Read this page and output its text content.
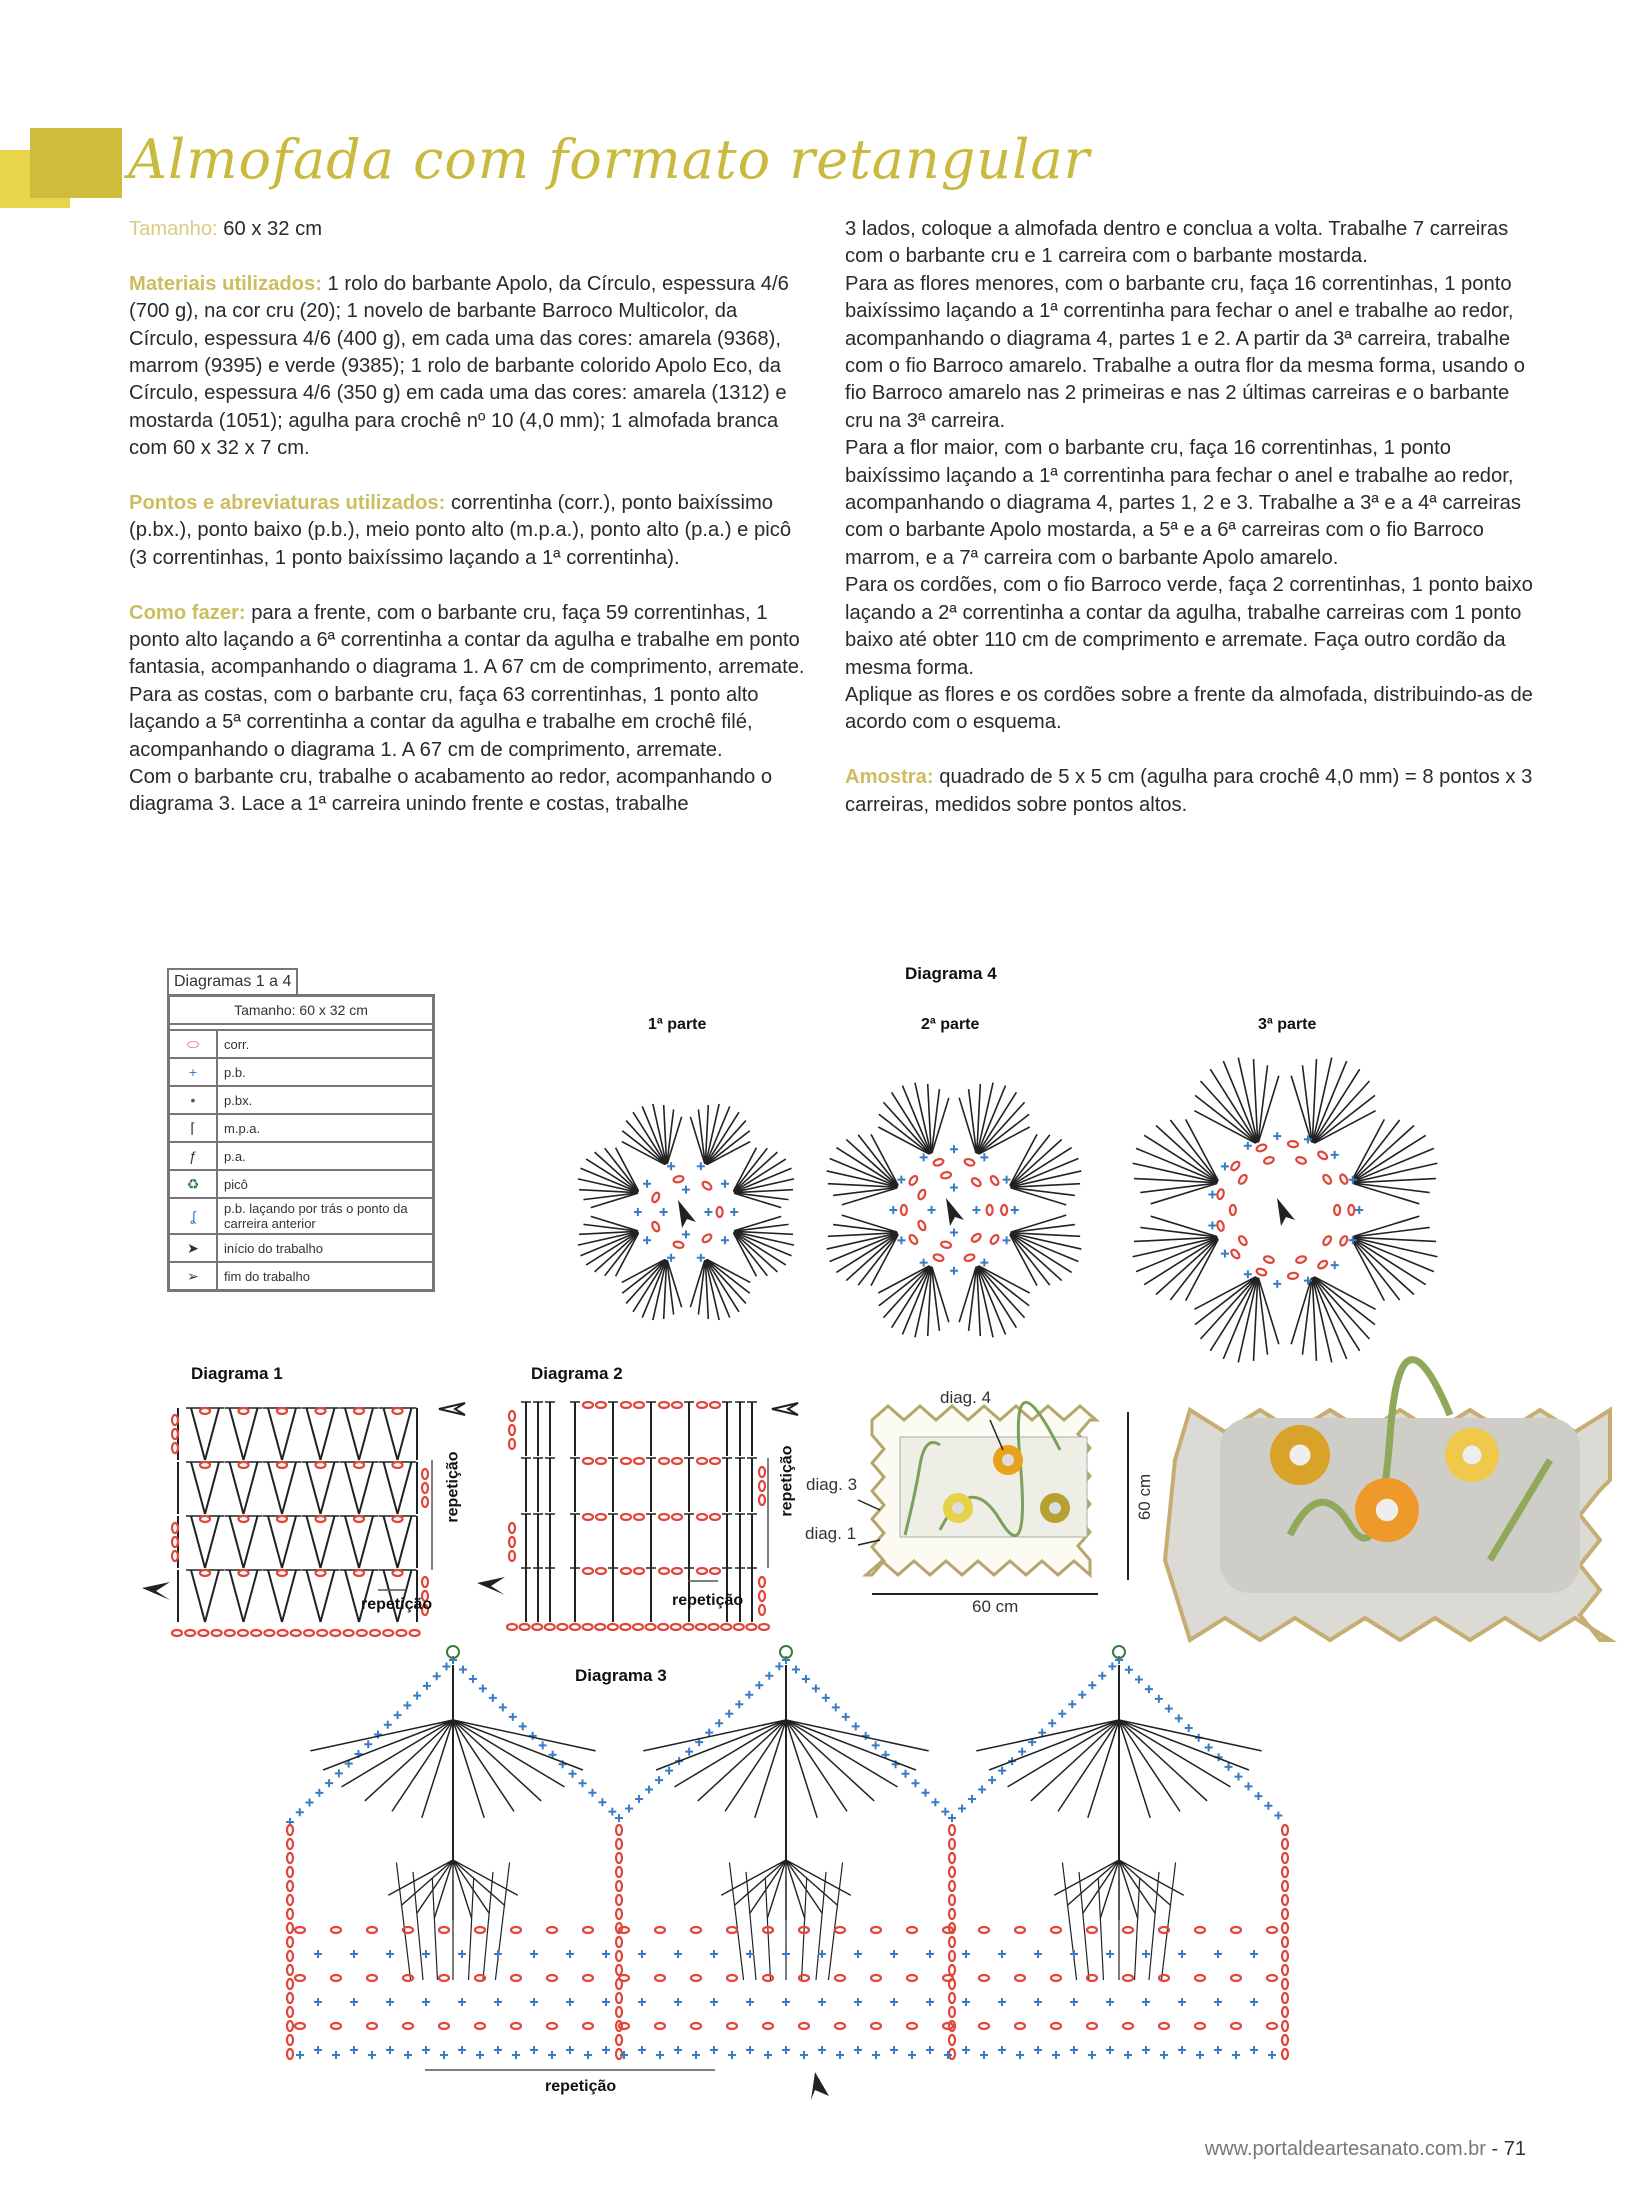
Almofada com formato retangular

Tamanho: 60 x 32 cm

Materiais utilizados: 1 rolo do barbante Apolo, da Círculo, espessura 4/6 (700 g), na cor cru (20); 1 novelo de barbante Barroco Multicolor, da Círculo, espessura 4/6 (400 g), em cada uma das cores: amarela (9368), marrom (9395) e verde (9385); 1 rolo de barbante colorido Apolo Eco, da Círculo, espessura 4/6 (350 g) em cada uma das cores: amarela (1312) e mostarda (1051); agulha para crochê nº 10 (4,0 mm); 1 almofada branca com 60 x 32 x 7 cm.

Pontos e abreviaturas utilizados: correntinha (corr.), ponto baixíssimo (p.bx.), ponto baixo (p.b.), meio ponto alto (m.p.a.), ponto alto (p.a.) e picô (3 correntinhas, 1 ponto baixíssimo laçando a 1ª correntinha).

Como fazer: para a frente, com o barbante cru, faça 59 correntinhas, 1 ponto alto laçando a 6ª correntinha a contar da agulha e trabalhe em ponto fantasia, acompanhando o diagrama 1. A 67 cm de comprimento, arremate.

Para as costas, com o barbante cru, faça 63 correntinhas, 1 ponto alto laçando a 5ª correntinha a contar da agulha e trabalhe em crochê filé, acompanhando o diagrama 1. A 67 cm de comprimento, arremate.

Com o barbante cru, trabalhe o acabamento ao redor, acompanhando o diagrama 3. Lace a 1ª carreira unindo frente e costas, trabalhe

3 lados, coloque a almofada dentro e conclua a volta. Trabalhe 7 carreiras com o barbante cru e 1 carreira com o barbante mostarda.

Para as flores menores, com o barbante cru, faça 16 correntinhas, 1 ponto baixíssimo laçando a 1ª correntinha para fechar o anel e trabalhe ao redor, acompanhando o diagrama 4, partes 1 e 2. A partir da 3ª carreira, trabalhe com o fio Barroco amarelo. Trabalhe a outra flor da mesma forma, usando o fio Barroco amarelo nas 2 primeiras e nas 2 últimas carreiras e o barbante cru na 3ª carreira.

Para a flor maior, com o barbante cru, faça 16 correntinhas, 1 ponto baixíssimo laçando a 1ª correntinha para fechar o anel e trabalhe ao redor, acompanhando o diagrama 4, partes 1, 2 e 3. Trabalhe a 3ª e a 4ª carreiras com o barbante Apolo mostarda, a 5ª e a 6ª carreiras com o fio Barroco marrom, e a 7ª carreira com o barbante Apolo amarelo.

Para os cordões, com o fio Barroco verde, faça 2 correntinhas, 1 ponto baixo laçando a 2ª correntinha a contar da agulha, trabalhe carreiras com 1 ponto baixo até obter 110 cm de comprimento e arremate. Faça outro cordão da mesma forma.

Aplique as flores e os cordões sobre a frente da almofada, distribuindo-as de acordo com o esquema.

Amostra: quadrado de 5 x 5 cm (agulha para crochê 4,0 mm) = 8 pontos x 3 carreiras, medidos sobre pontos altos.

Diagramas 1 a 4
Tamanho: 60 x 32 cm	

⬭	corr.
+	p.b.
•	p.bx.
⌈	m.p.a.
ƒ	p.a.
♻	picô
ʆ	p.b. laçando por trás o ponto da carreira anterior
➤	início do trabalho
➢	fim do trabalho
Diagrama 4
1ª parte	2ª parte	3ª parte
Diagrama 1
repetição
repetição
Diagrama 2
repetição
repetição
diag. 4
diag. 3
diag. 1
60 cm
60 cm
Diagrama 3
repetição
www.portaldeartesanato.com.br - 71
